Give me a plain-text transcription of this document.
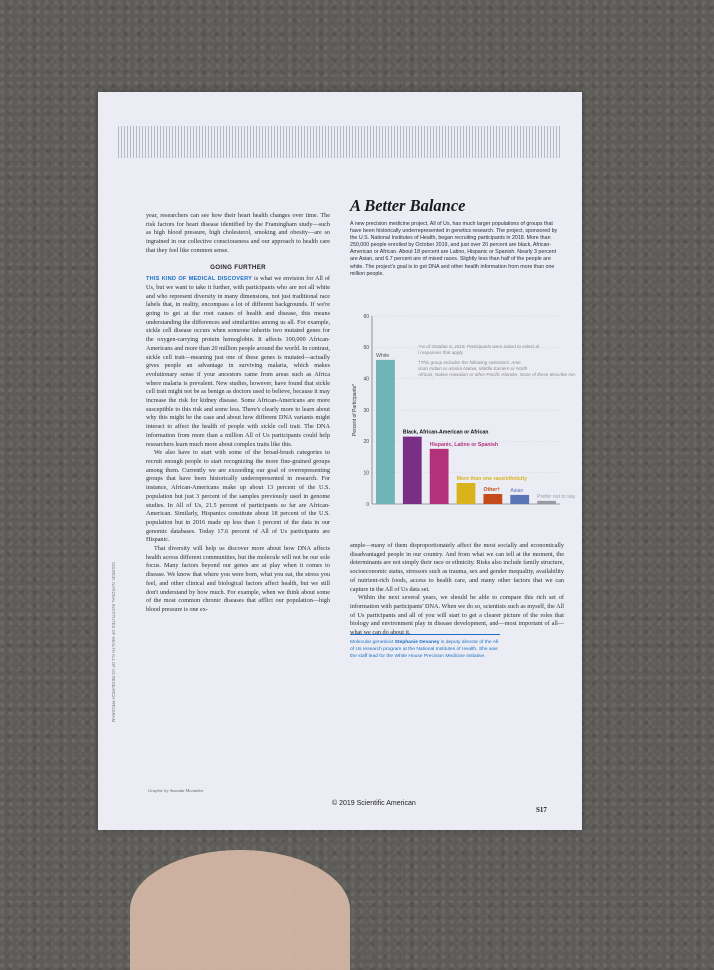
SOURCE: NATIONAL INSTITUTES OF HEALTH ALL OF US RESEARCH PROGRAM

year, researchers can see how their heart health changes over time. The risk factors for heart disease identified by the Framingham study—such as high blood pressure, high cholesterol, smoking and obesity—are so ingrained in our collective consciousness and our approach to health care that they feel like common sense.

GOING FURTHER

THIS KIND OF MEDICAL DISCOVERY is what we envision for All of Us, but we want to take it further, with participants who are not all white and who represent diversity in many dimensions, not just traditional race labels that, in reality, encompass a lot of different backgrounds. If we're going to get at the root causes of health and disease, this means understanding the differences and similarities among us all. For example, sickle cell disease occurs when someone inherits two mutated genes for the oxygen-carrying protein hemoglobin. It affects 100,000 African-Americans and more than 20 million people around the world. In contrast, sickle cell trait—meaning just one of these genes is mutated—actually gives people an advantage in surviving malaria, which makes evolutionary sense if your ancestors came from areas such as Africa where malaria is prevalent. New studies, however, have found that sickle cell trait might not be as benign as doctors used to believe, because it may increase the risk for kidney disease. Some African-Americans are more susceptible to this risk and some less. There's clearly more to learn about why this might be the case and about how different DNA variants might interact to affect the health of people with sickle cell trait. The DNA information from more than a million All of Us participants could help researchers learn much more about complex traits like this.

We also have to start with some of the broad-brush categories to recruit enough people to start recognizing the more fine-grained groups among them. Currently we are exceeding our goal of overrepresenting groups that have been historically underrepresented in research. For instance, African-Americans make up about 13 percent of the U.S. population but just 3 percent of the samples previously used in genome studies. In All of Us, 21.5 percent of participants so far are African-American. Similarly, Hispanics constitute about 18 percent of the U.S. population but in 2016 made up less than 1 percent of the data in our genomic databases. Today 17.6 percent of All of Us participants are Hispanic.

That diversity will help us discover more about how DNA affects health across different communities, but the molecule will not be our sole focus. Many factors beyond our genes are at play when it comes to disease. We know that where you were born, what you eat, the stress you feel, and other clinical and biological factors affect health, but we still don't understand by how much. For example, when we think about some of the most common chronic diseases that afflict our population—high blood pressure is one ex-

Graphic by Amanda Montañez
A Better Balance

A new precision medicine project, All of Us, has much larger populations of groups that have been historically underrepresented in genetics research. The project, sponsored by the U.S. National Institutes of Health, began recruiting participants in 2018. More than 250,000 people enrolled by October 2019, and just over 20 percent are black, African-American or African. About 18 percent are Latino, Hispanic or Spanish. Nearly 3 percent are Asian, and 6.7 percent are of mixed races. Slightly less than half of the people are white. The project's goal is to get DNA and other health information from more than one million people.

Percent of Participants*
0
10
20
30
40
50
60
White
Black, African-American or African
Hispanic, Latino or Spanish
More than one race/ethnicity
Other† Asian
Prefer not to say
*As of October 8, 2019. Participants were asked to select al
l responses that apply.
†This group includes the following selections: Ame
rican Indian or Alaska Native, Middle Eastern or North
African, Native Hawaiian or other Pacific Islander, None of these describe me.

ample—many of them disproportionately affect the most socially and economically disadvantaged people in our country. And from what we can tell at the moment, the determinants are not simply their race or ethnicity. Risks also include family structure, socioeconomic status, stressors such as trauma, sex and gender inequality, availability of nutrient-rich foods, access to health care, and many other factors that we can capture in the All of Us data set.

Within the next several years, we should be able to compare this rich set of information with participants' DNA. When we do so, scientists such as myself, the All of Us participants and all of you will start to get a clearer picture of the roles that biology and environment play in disease development, and—most important of all—what we can do about it.

Molecular geneticist Stephanie Devaney is deputy director of the All of Us research program at the National Institutes of Health. She was the staff lead for the White House Precision Medicine Initiative.
S17
© 2019 Scientific American
